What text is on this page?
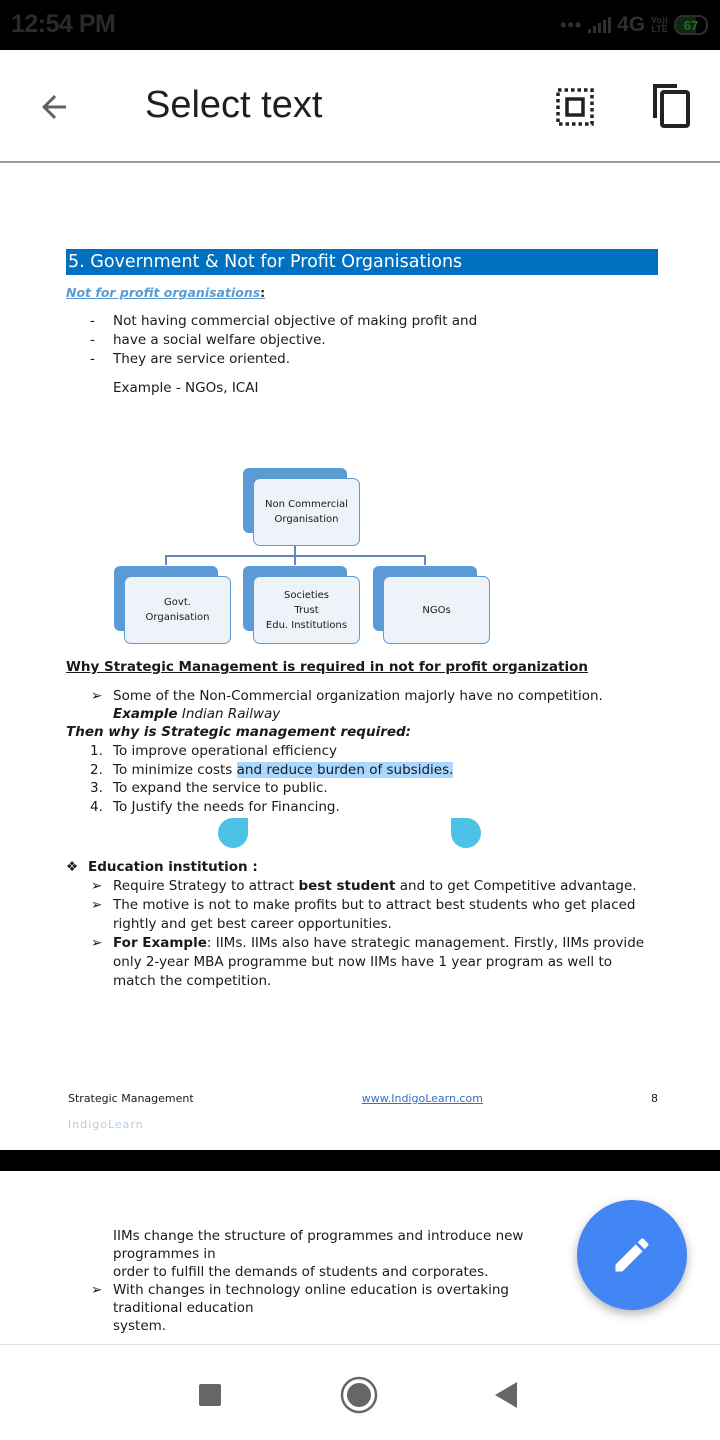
12:54 PM	••• 4G Vo))
LTE 67
Select text
5. Government & Not for Profit Organisations
Not for profit organisations:
- Not having commercial objective of making profit and
- have a social welfare objective.
- They are service oriented.
Example - NGOs, ICAI
Non Commercial
Organisation
Govt.
Organisation
Societies
Trust
Edu. Institutions
NGOs
Why Strategic Management is required in not for profit organization
➢ Some of the Non-Commercial organization majorly have no competition.
Example Indian Railway
Then why is Strategic management required:
1. To improve operational efficiency
2. To minimize costs and reduce burden of subsidies.
3. To expand the service to public.
4. To Justify the needs for Financing.
❖ Education institution :
➢ Require Strategy to attract best student and to get Competitive advantage.
➢ The motive is not to make profits but to attract best students who get placed rightly and get best career opportunities.
➢ For Example: IIMs. IIMs also have strategic management. Firstly, IIMs provide only 2-year MBA programme but now IIMs have 1 year program as well to match the competition.
Strategic Management	www.IndigoLearn.com	8
IndigoLearn

IIMs change the structure of programmes and introduce new programmes in

order to fulfill the demands of students and corporates.

➢ With changes in technology online education is overtaking traditional education

system.
